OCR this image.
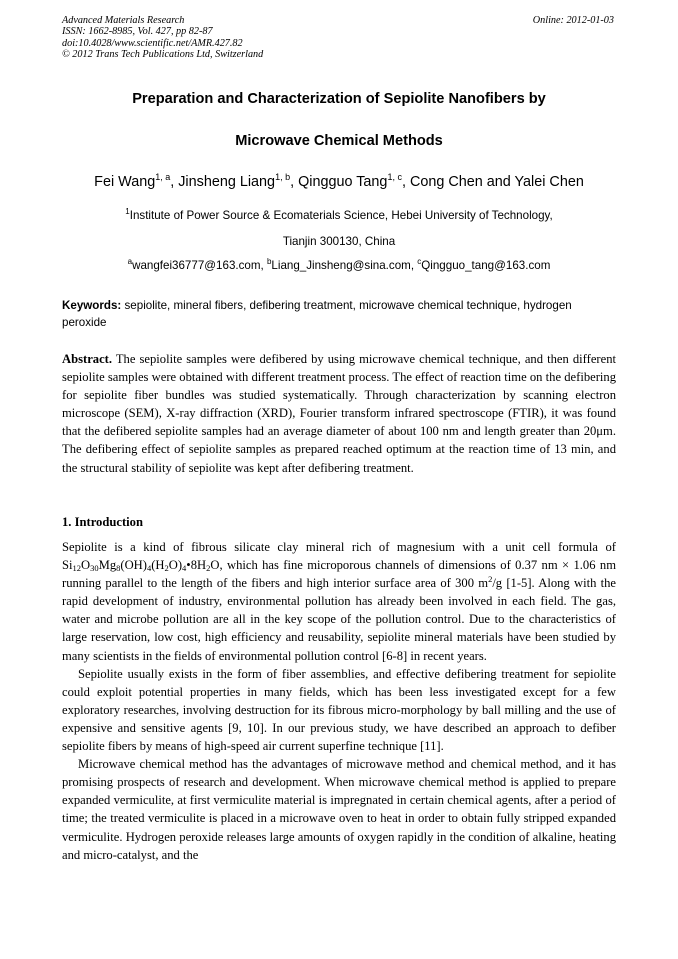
Advanced Materials Research
ISSN: 1662-8985, Vol. 427, pp 82-87
doi:10.4028/www.scientific.net/AMR.427.82
© 2012 Trans Tech Publications Ltd, Switzerland
Online: 2012-01-03
Preparation and Characterization of Sepiolite Nanofibers by
Microwave Chemical Methods
Fei Wang$^{1, a}$, Jinsheng Liang$^{1, b}$, Qingguo Tang$^{1, c}$, Cong Chen and Yalei Chen
$^1$Institute of Power Source & Ecomaterials Science, Hebei University of Technology,
Tianjin 300130, China
$^a$wangfei36777@163.com, $^b$Liang_Jinsheng@sina.com, $^c$Qingguo_tang@163.com
Keywords: sepiolite, mineral fibers, defibering treatment, microwave chemical technique, hydrogen peroxide

Abstract. The sepiolite samples were defibered by using microwave chemical technique, and then different sepiolite samples were obtained with different treatment process. The effect of reaction time on the defibering for sepiolite fiber bundles was studied systematically. Through characterization by scanning electron microscope (SEM), X-ray diffraction (XRD), Fourier transform infrared spectroscope (FTIR), it was found that the defibered sepiolite samples had an average diameter of about 100 nm and length greater than 20μm. The defibering effect of sepiolite samples as prepared reached optimum at the reaction time of 13 min, and the structural stability of sepiolite was kept after defibering treatment.

1. Introduction

Sepiolite is a kind of fibrous silicate clay mineral rich of magnesium with a unit cell formula of $Si_{12}O_{30}Mg_8(OH)_4(H_2O)_4•8H_2O$, which has fine microporous channels of dimensions of 0.37 nm × 1.06 nm running parallel to the length of the fibers and high interior surface area of 300 $m^2/g$ [1-5]. Along with the rapid development of industry, environmental pollution has already been involved in each field. The gas, water and microbe pollution are all in the key scope of the pollution control. Due to the characteristics of large reservation, low cost, high efficiency and reusability, sepiolite mineral materials have been studied by many scientists in the fields of environmental pollution control [6-8] in recent years.

Sepiolite usually exists in the form of fiber assemblies, and effective defibering treatment for sepiolite could exploit potential properties in many fields, which has been less investigated except for a few exploratory researches, involving destruction for its fibrous micro-morphology by ball milling and the use of expensive and sensitive agents [9, 10]. In our previous study, we have described an approach to defiber sepiolite fibers by means of high-speed air current superfine technique [11].

Microwave chemical method has the advantages of microwave method and chemical method, and it has promising prospects of research and development. When microwave chemical method is applied to prepare expanded vermiculite, at first vermiculite material is impregnated in certain chemical agents, after a period of time; the treated vermiculite is placed in a microwave oven to heat in order to obtain fully stripped expanded vermiculite. Hydrogen peroxide releases large amounts of oxygen rapidly in the condition of alkaline, heating and micro-catalyst, and the
